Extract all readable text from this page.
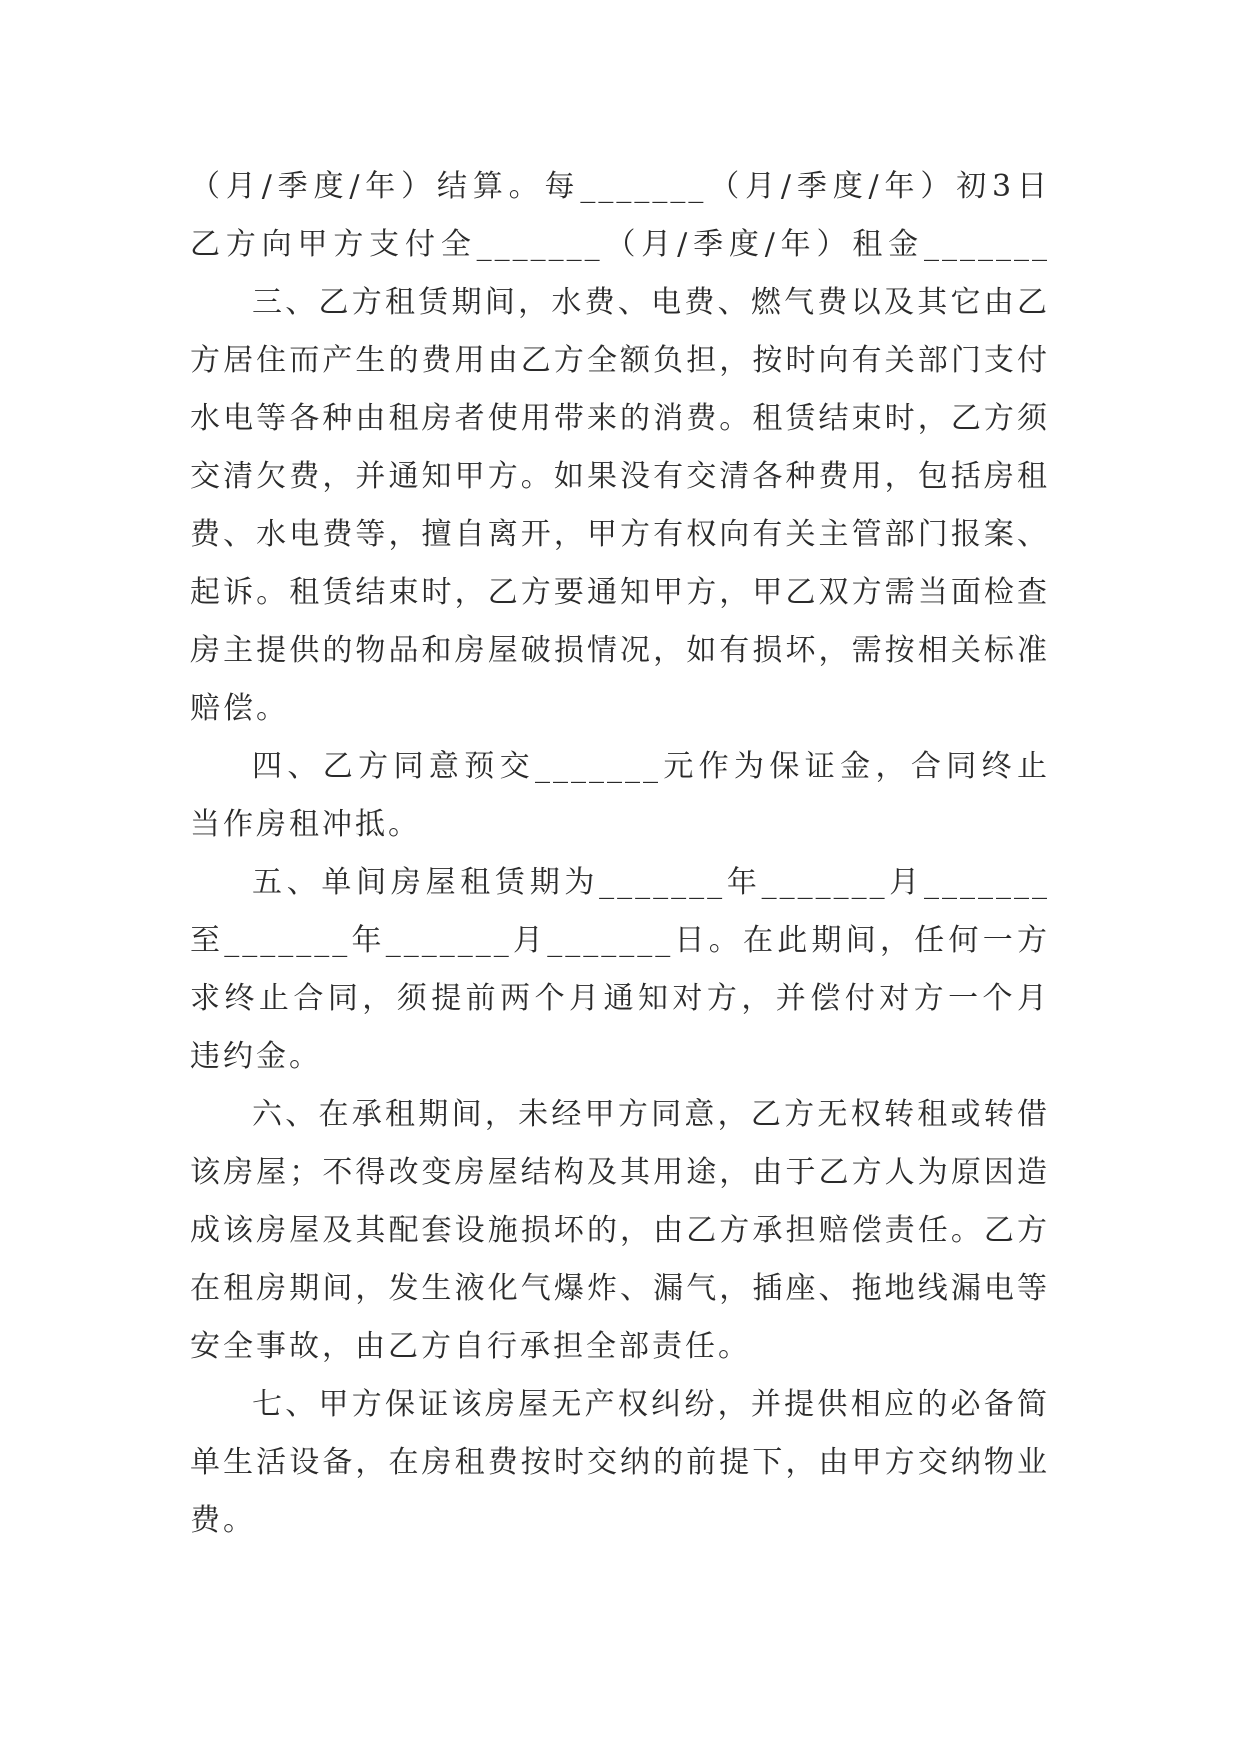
（月/季度/年）结算。每_______（月/季度/年）初3日
乙方向甲方支付全_______（月/季度/年）租金_______
三、乙方租赁期间，水费、电费、燃气费以及其它由乙
方居住而产生的费用由乙方全额负担，按时向有关部门支付
水电等各种由租房者使用带来的消费。租赁结束时，乙方须
交清欠费，并通知甲方。如果没有交清各种费用，包括房租
费、水电费等，擅自离开，甲方有权向有关主管部门报案、
起诉。租赁结束时，乙方要通知甲方，甲乙双方需当面检查
房主提供的物品和房屋破损情况，如有损坏，需按相关标准
赔偿。
四、乙方同意预交_______元作为保证金，合同终止
当作房租冲抵。
五、单间房屋租赁期为_______年_______月_______
至_______年_______月_______日。在此期间，任何一方
求终止合同，须提前两个月通知对方，并偿付对方一个月
违约金。
六、在承租期间，未经甲方同意，乙方无权转租或转借
该房屋；不得改变房屋结构及其用途，由于乙方人为原因造
成该房屋及其配套设施损坏的，由乙方承担赔偿责任。乙方
在租房期间，发生液化气爆炸、漏气，插座、拖地线漏电等
安全事故，由乙方自行承担全部责任。
七、甲方保证该房屋无产权纠纷，并提供相应的必备简
单生活设备，在房租费按时交纳的前提下，由甲方交纳物业
费。
